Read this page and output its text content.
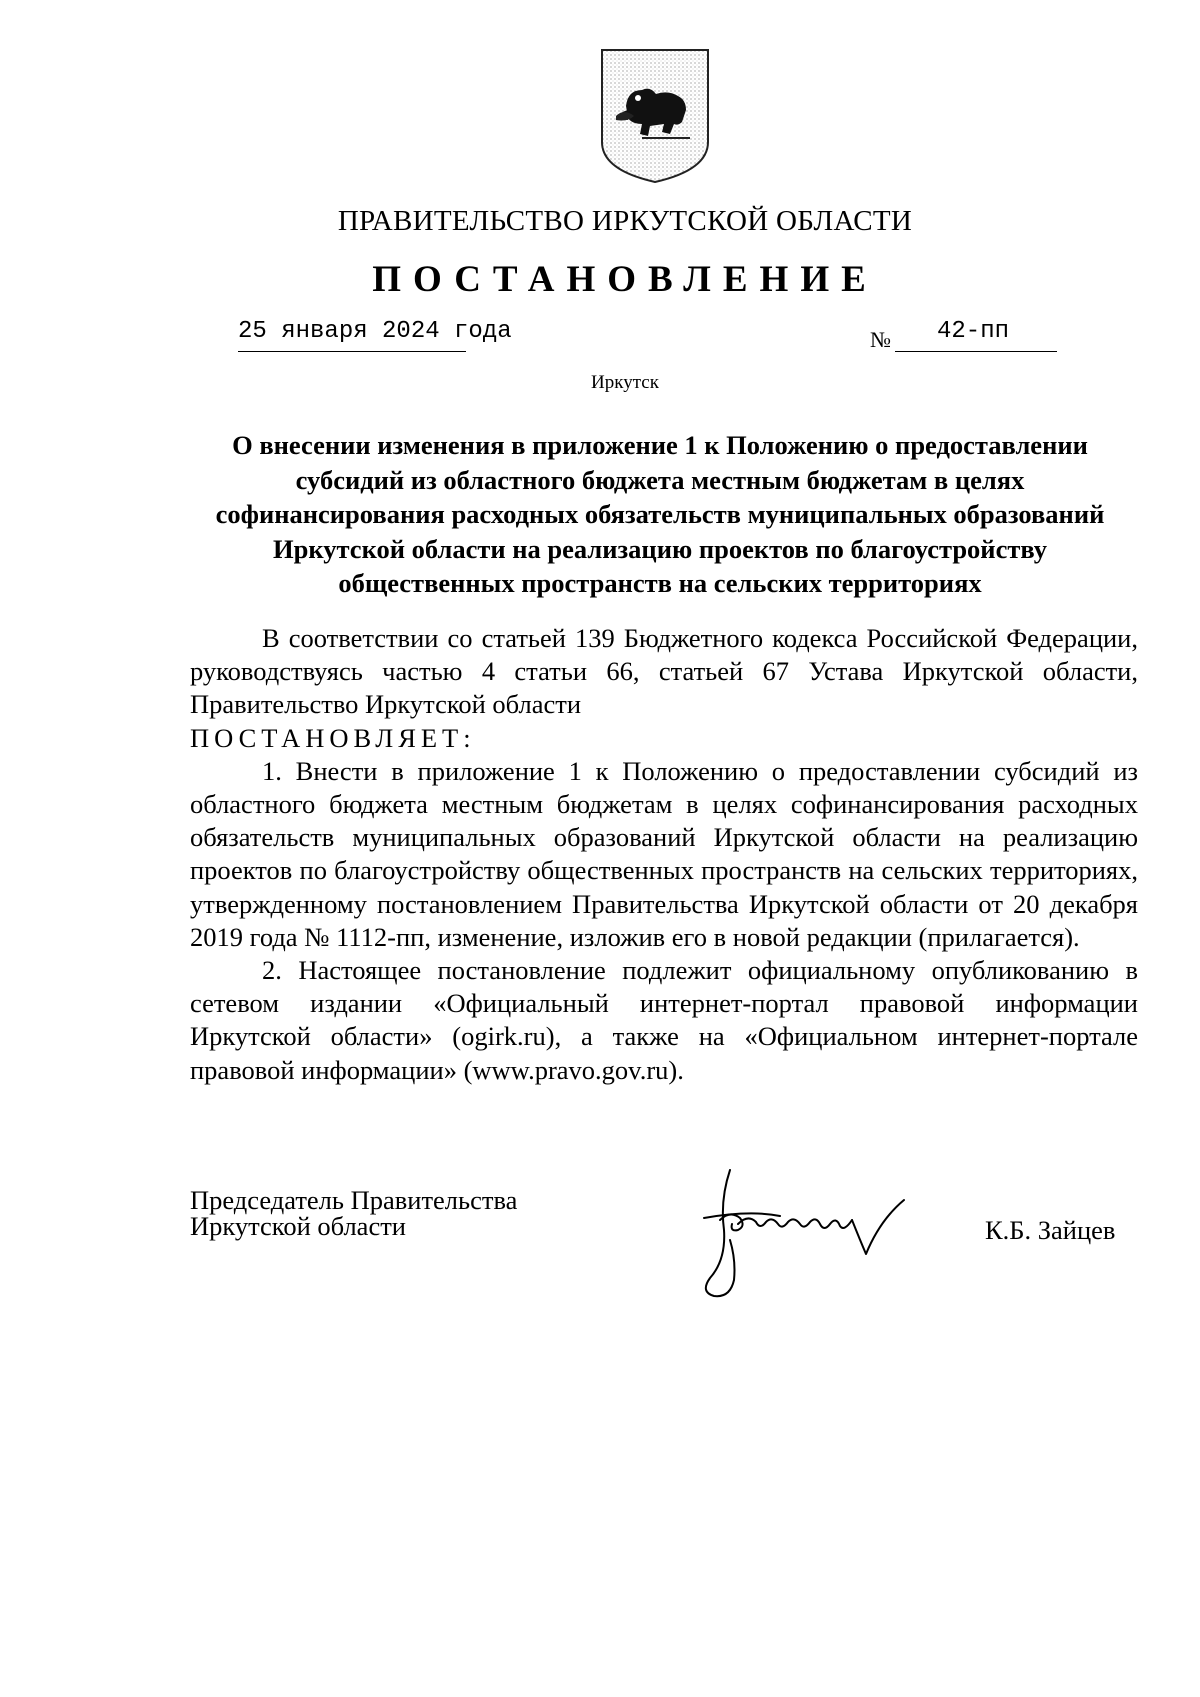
ПРАВИТЕЛЬСТВО ИРКУТСКОЙ ОБЛАСТИ
ПОСТАНОВЛЕНИЕ
25 января 2024 года	№	42-пп
Иркутск
О внесении изменения в приложение 1 к Положению о предоставлении субсидий из областного бюджета местным бюджетам в целях софинансирования расходных обязательств муниципальных образований Иркутской области на реализацию проектов по благоустройству общественных пространств на сельских территориях

В соответствии со статьей 139 Бюджетного кодекса Российской Федерации, руководствуясь частью 4 статьи 66, статьей 67 Устава Иркутской области, Правительство Иркутской области

ПОСТАНОВЛЯЕТ:

1. Внести в приложение 1 к Положению о предоставлении субсидий из областного бюджета местным бюджетам в целях софинансирования расходных обязательств муниципальных образований Иркутской области на реализацию проектов по благоустройству общественных пространств на сельских территориях, утвержденному постановлением Правительства Иркутской области от 20 декабря 2019 года № 1112-пп, изменение, изложив его в новой редакции (прилагается).

2. Настоящее постановление подлежит официальному опубликованию в сетевом издании «Официальный интернет-портал правовой информации Иркутской области» (ogirk.ru), а также на «Официальном интернет-портале правовой информации» (www.pravo.gov.ru).

Председатель Правительства
Иркутской области	К.Б. Зайцев
